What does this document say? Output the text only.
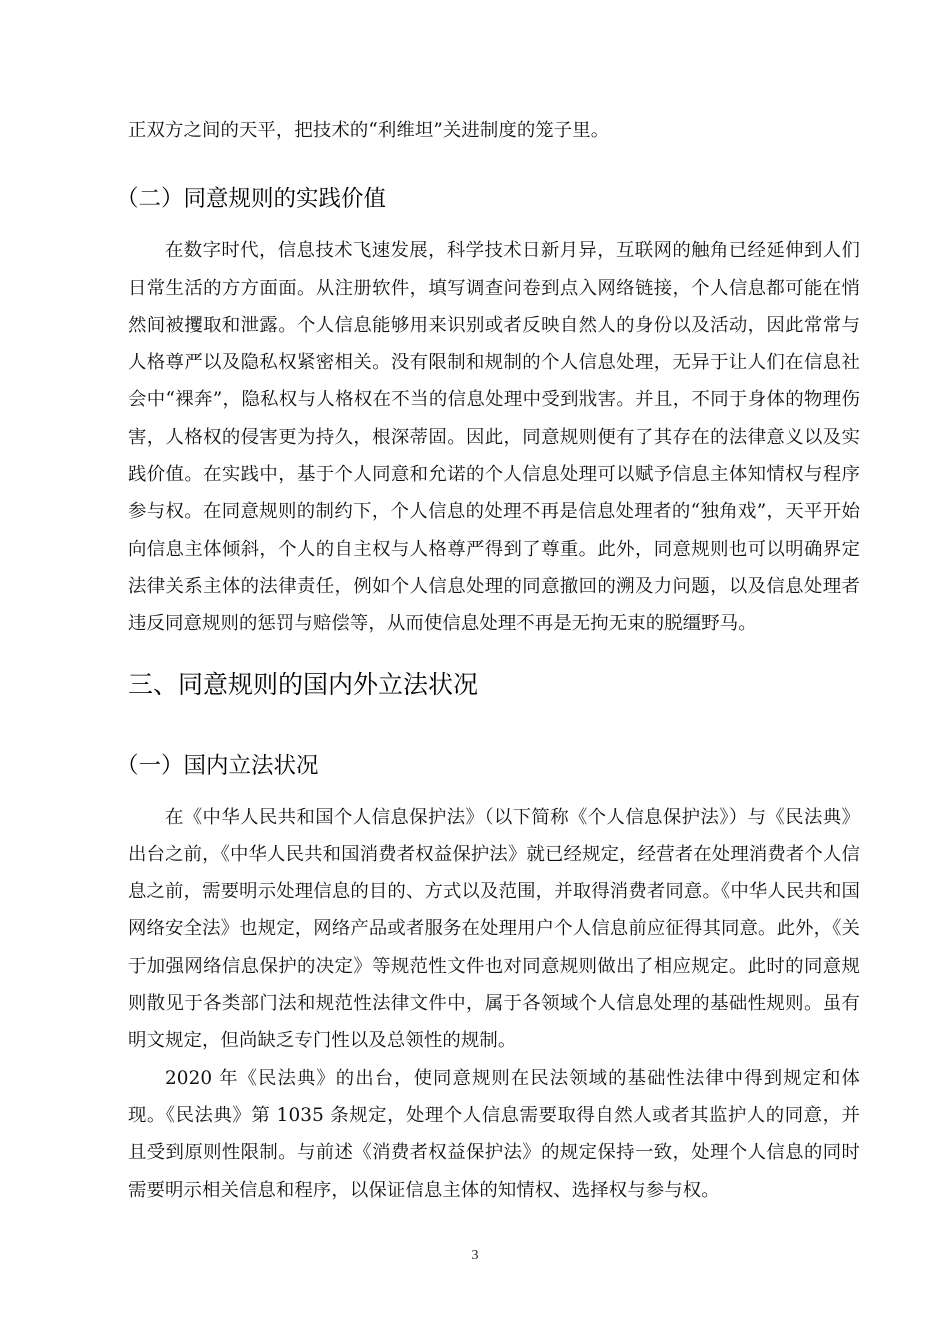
正双方之间的天平，把技术的“利维坦”关进制度的笼子里。

（二）同意规则的实践价值

在数字时代，信息技术飞速发展，科学技术日新月异，互联网的触角已经延伸到人们日常生活的方方面面。从注册软件，填写调查问卷到点入网络链接，个人信息都可能在悄然间被攫取和泄露。个人信息能够用来识别或者反映自然人的身份以及活动，因此常常与人格尊严以及隐私权紧密相关。没有限制和规制的个人信息处理，无异于让人们在信息社会中“裸奔”，隐私权与人格权在不当的信息处理中受到戕害。并且，不同于身体的物理伤害，人格权的侵害更为持久，根深蒂固。因此，同意规则便有了其存在的法律意义以及实践价值。在实践中，基于个人同意和允诺的个人信息处理可以赋予信息主体知情权与程序参与权。在同意规则的制约下，个人信息的处理不再是信息处理者的“独角戏”，天平开始向信息主体倾斜，个人的自主权与人格尊严得到了尊重。此外，同意规则也可以明确界定法律关系主体的法律责任，例如个人信息处理的同意撤回的溯及力问题，以及信息处理者违反同意规则的惩罚与赔偿等，从而使信息处理不再是无拘无束的脱缰野马。

三、同意规则的国内外立法状况
（一）国内立法状况

在《中华人民共和国个人信息保护法》（以下简称《个人信息保护法》）与《民法典》出台之前，《中华人民共和国消费者权益保护法》就已经规定，经营者在处理消费者个人信息之前，需要明示处理信息的目的、方式以及范围，并取得消费者同意。《中华人民共和国网络安全法》也规定，网络产品或者服务在处理用户个人信息前应征得其同意。此外，《关于加强网络信息保护的决定》等规范性文件也对同意规则做出了相应规定。此时的同意规则散见于各类部门法和规范性法律文件中，属于各领域个人信息处理的基础性规则。虽有明文规定，但尚缺乏专门性以及总领性的规制。

2020 年《民法典》的出台，使同意规则在民法领域的基础性法律中得到规定和体现。《民法典》第 1035 条规定，处理个人信息需要取得自然人或者其监护人的同意，并且受到原则性限制。与前述《消费者权益保护法》的规定保持一致，处理个人信息的同时需要明示相关信息和程序，以保证信息主体的知情权、选择权与参与权。

3
